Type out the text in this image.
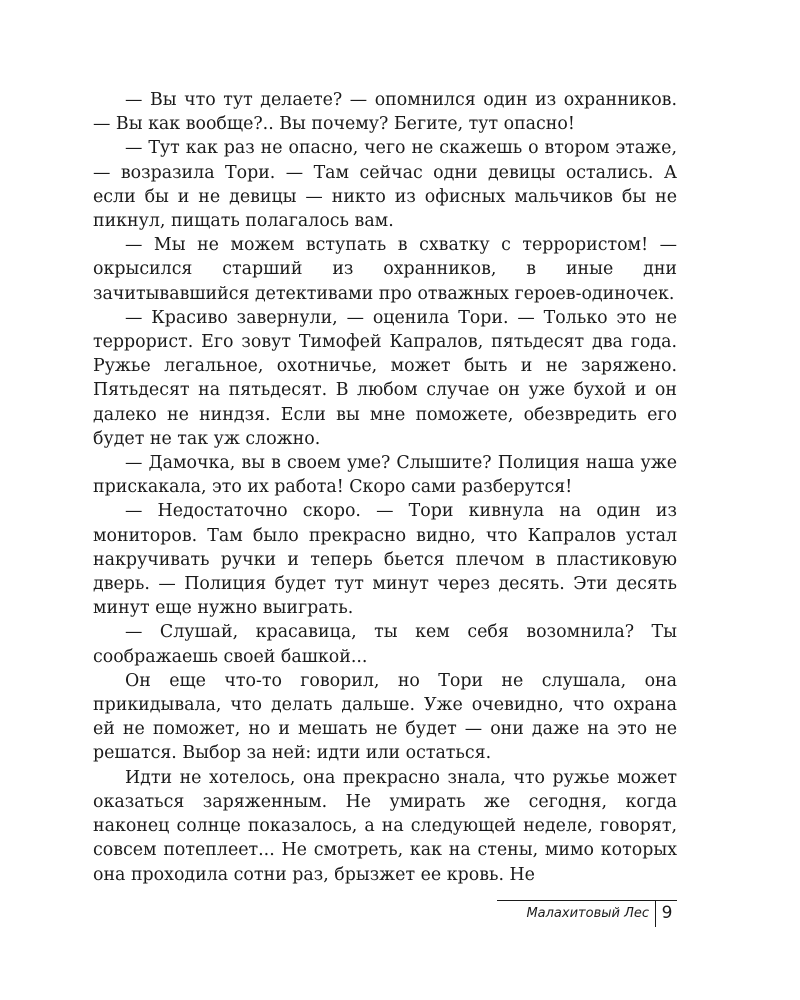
— Вы что тут делаете? — опомнился один из охранников. — Вы как вообще?.. Вы почему? Бегите, тут опасно!

— Тут как раз не опасно, чего не скажешь о втором этаже, — возразила Тори. — Там сейчас одни девицы остались. А если бы и не девицы — никто из офисных мальчиков бы не пикнул, пищать полагалось вам.

— Мы не можем вступать в схватку с террористом! — окрысился старший из охранников, в иные дни зачитывавшийся детективами про отважных героев-одиночек.

— Красиво завернули, — оценила Тори. — Только это не террорист. Его зовут Тимофей Капралов, пятьдесят два года. Ружье легальное, охотничье, может быть и не заряжено. Пятьдесят на пятьдесят. В любом случае он уже бухой и он далеко не ниндзя. Если вы мне поможете, обезвредить его будет не так уж сложно.

— Дамочка, вы в своем уме? Слышите? Полиция наша уже прискакала, это их работа! Скоро сами разберутся!

— Недостаточно скоро. — Тори кивнула на один из мониторов. Там было прекрасно видно, что Капралов устал накручивать ручки и теперь бьется плечом в пластиковую дверь. — Полиция будет тут минут через десять. Эти десять минут еще нужно выиграть.

— Слушай, красавица, ты кем себя возомнила? Ты соображаешь своей башкой...

Он еще что-то говорил, но Тори не слушала, она прикидывала, что делать дальше. Уже очевидно, что охрана ей не поможет, но и мешать не будет — они даже на это не решатся. Выбор за ней: идти или остаться.

Идти не хотелось, она прекрасно знала, что ружье может оказаться заряженным. Не умирать же сегодня, когда наконец солнце показалось, а на следующей неделе, говорят, совсем потеплеет... Не смотреть, как на стены, мимо которых она проходила сотни раз, брызжет ее кровь. Не

Малахитовый Лес 9
